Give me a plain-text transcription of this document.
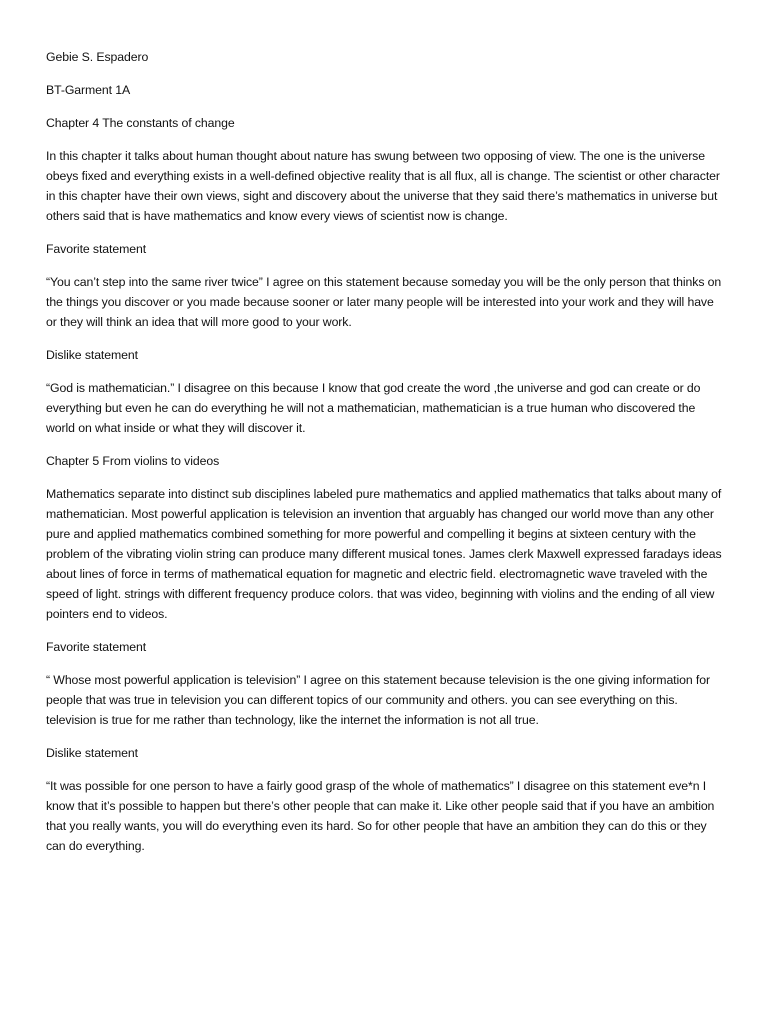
Gebie S. Espadero

BT-Garment 1A

Chapter 4 The constants of change

In this chapter it talks about human thought about nature has swung between two opposing of view. The one is the universe obeys fixed and everything exists in a well-defined objective reality that is all flux, all is change. The scientist or other character in this chapter have their own views, sight and discovery about the universe that they said there’s mathematics in universe but others said that is have mathematics and know every views of scientist now is change.

Favorite statement

“You can’t step into the same river twice” I agree on this statement because someday you will be the only person that thinks on the things you discover or you made because sooner or later many people will be interested into your work and they will have or they will think an idea that will more good to your work.

Dislike statement

“God is mathematician.” I disagree on this because I know that god create the word ,the universe and god can create or do everything but even he can do everything he will not a mathematician, mathematician is a true human who discovered the world on what inside or what they will discover it.

Chapter 5 From violins to videos

Mathematics separate into distinct sub disciplines labeled pure mathematics and applied mathematics that talks about many of mathematician. Most powerful application is television an invention that arguably has changed our world move than any other pure and applied mathematics combined something for more powerful and compelling it begins at sixteen century with the problem of the vibrating violin string can produce many different musical tones. James clerk Maxwell expressed faradays ideas about lines of force in terms of mathematical equation for magnetic and electric field. electromagnetic wave traveled with the speed of light. strings with different frequency produce colors. that was video, beginning with violins and the ending of all view pointers end to videos.

Favorite statement

“ Whose most powerful application is television” I agree on this statement because television is the one giving information for people that was true in television you can different topics of our community and others. you can see everything on this. television is true for me rather than technology, like the internet the information is not all true.

Dislike statement

“It was possible for one person to have a fairly good grasp of the whole of mathematics” I disagree on this statement eve*n I know that it’s possible to happen but there’s other people that can make it. Like other people said that if you have an ambition that you really wants, you will do everything even its hard. So for other people that have an ambition they can do this or they can do everything.
